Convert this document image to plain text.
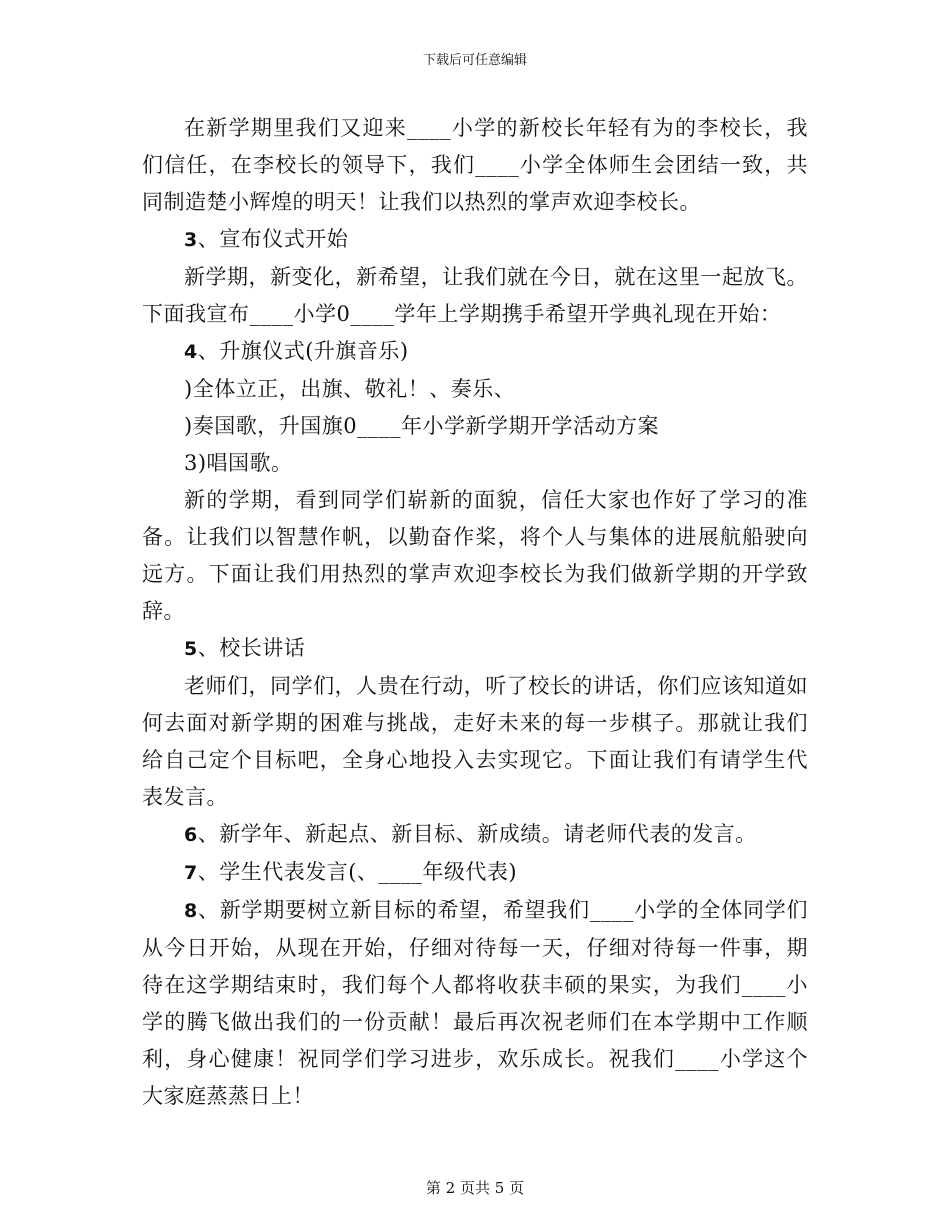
下载后可任意编辑

在新学期里我们又迎来____小学的新校长年轻有为的李校长，我们信任，在李校长的领导下，我们____小学全体师生会团结一致，共同制造楚小辉煌的明天！让我们以热烈的掌声欢迎李校长。

3、宣布仪式开始

新学期，新变化，新希望，让我们就在今日，就在这里一起放飞。下面我宣布____小学0____学年上学期携手希望开学典礼现在开始：

4、升旗仪式(升旗音乐)

)全体立正，出旗、敬礼！、奏乐、

)奏国歌，升国旗0____年小学新学期开学活动方案

3)唱国歌。

新的学期，看到同学们崭新的面貌，信任大家也作好了学习的准备。让我们以智慧作帆，以勤奋作桨，将个人与集体的进展航船驶向远方。下面让我们用热烈的掌声欢迎李校长为我们做新学期的开学致辞。

5、校长讲话

老师们，同学们，人贵在行动，听了校长的讲话，你们应该知道如何去面对新学期的困难与挑战，走好未来的每一步棋子。那就让我们给自己定个目标吧，全身心地投入去实现它。下面让我们有请学生代表发言。

6、新学年、新起点、新目标、新成绩。请老师代表的发言。

7、学生代表发言(、____年级代表)

8、新学期要树立新目标的希望，希望我们____小学的全体同学们从今日开始，从现在开始，仔细对待每一天，仔细对待每一件事，期待在这学期结束时，我们每个人都将收获丰硕的果实，为我们____小学的腾飞做出我们的一份贡献！最后再次祝老师们在本学期中工作顺利，身心健康！祝同学们学习进步，欢乐成长。祝我们____小学这个大家庭蒸蒸日上！

第 2 页共 5 页
